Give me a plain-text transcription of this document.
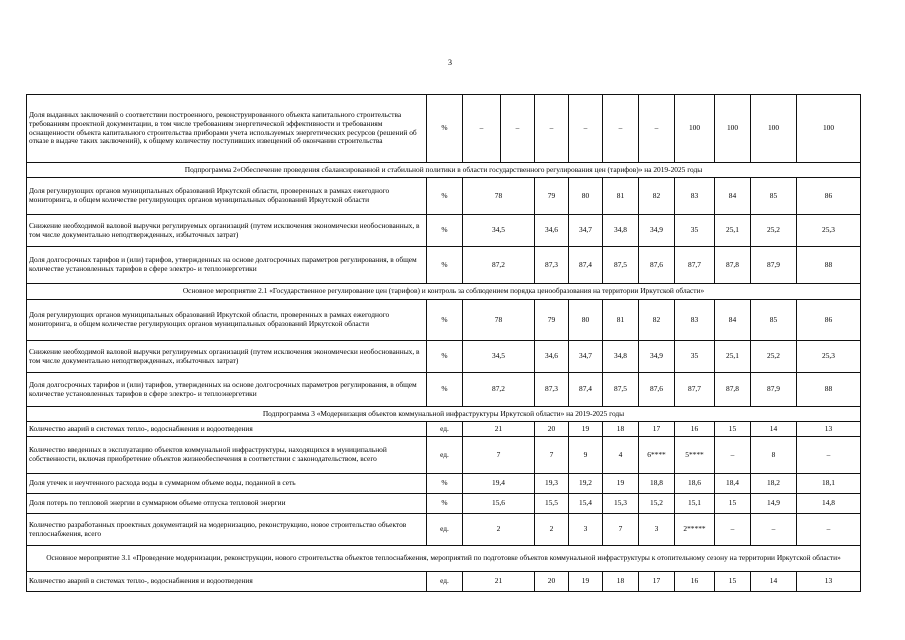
3
Доля выданных заключений о соответствии построенного, реконструированного объекта капитального строительства требованиям проектной документации, в том числе требованиям энергетической эффективности и требованиям оснащенности объекта капитального строительства приборами учета используемых энергетических ресурсов (решений об отказе в выдаче таких заключений), к общему количеству поступивших извещений об окончании строительства	%	–	–	–	–	–	–	100	100	100	100
Подпрограмма 2«Обеспечение проведения сбалансированной и стабильной политики в области государственного регулирования цен (тарифов)» на 2019-2025 годы											
Доля регулирующих органов муниципальных образований Иркутской области, проверенных в рамках ежегодного мониторинга, в общем количестве регулирующих органов муниципальных образований Иркутской области	%	78		79	80	81	82	83	84	85	86
Снижение необходимой валовой выручки регулируемых организаций (путем исключения экономически необоснованных, в том числе документально неподтвержденных, избыточных затрат)	%	34,5		34,6	34,7	34,8	34,9	35	25,1	25,2	25,3
Доля долгосрочных тарифов и (или) тарифов, утвержденных на основе долгосрочных параметров регулирования, в общем количестве установленных тарифов в сфере электро- и теплоэнергетики	%	87,2		87,3	87,4	87,5	87,6	87,7	87,8	87,9	88
Основное мероприятие 2.1 «Государственное регулирование цен (тарифов) и контроль за соблюдением порядка ценообразования на территории Иркутской области»											
Доля регулирующих органов муниципальных образований Иркутской области, проверенных в рамках ежегодного мониторинга, в общем количестве регулирующих органов муниципальных образований Иркутской области	%	78		79	80	81	82	83	84	85	86
Снижение необходимой валовой выручки регулируемых организаций (путем исключения экономически необоснованных, в том числе документально неподтвержденных, избыточных затрат)	%	34,5		34,6	34,7	34,8	34,9	35	25,1	25,2	25,3
Доля долгосрочных тарифов и (или) тарифов, утвержденных на основе долгосрочных параметров регулирования, в общем количестве установленных тарифов в сфере электро- и теплоэнергетики	%	87,2		87,3	87,4	87,5	87,6	87,7	87,8	87,9	88
Подпрограмма 3 «Модернизация объектов коммунальной инфраструктуры Иркутской области» на 2019-2025 годы											
Количество аварий в системах тепло-, водоснабжения и водоотведения	ед.	21		20	19	18	17	16	15	14	13
Количество введенных в эксплуатацию объектов коммунальной инфраструктуры, находящихся в муниципальной собственности, включая приобретение объектов жизнеобеспечения в соответствии с законодательством, всего	ед.	7		7	9	4	6****	5****	–	8	–
Доля утечек и неучтенного расхода воды в суммарном объеме воды, поданной в сеть	%	19,4		19,3	19,2	19	18,8	18,6	18,4	18,2	18,1
Доля потерь по тепловой энергии в суммарном объеме отпуска тепловой энергии	%	15,6		15,5	15,4	15,3	15,2	15,1	15	14,9	14,8
Количество разработанных проектных документаций на модернизацию, реконструкцию, новое строительство объектов теплоснабжения, всего	ед.	2		2	3	7	3	2*****	–	–	–
Основное мероприятие 3.1 «Проведение модернизации, реконструкции, нового строительства объектов теплоснабжения, мероприятий по подготовке объектов коммунальной инфраструктуры к отопительному сезону на территории Иркутской области»											
Количество аварий в системах тепло-, водоснабжения и водоотведения	ед.	21		20	19	18	17	16	15	14	13
